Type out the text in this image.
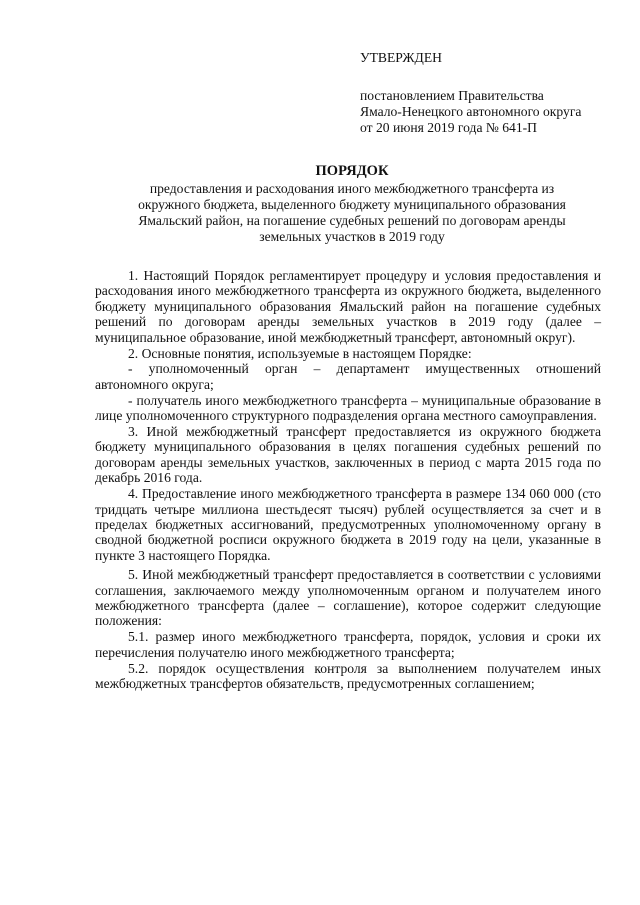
УТВЕРЖДЕН
постановлением Правительства
Ямало-Ненецкого автономного округа
от 20 июня 2019 года № 641-П
ПОРЯДОК
предоставления и расходования иного межбюджетного трансферта из
окружного бюджета, выделенного бюджету муниципального образования
Ямальский район, на погашение судебных решений по договорам аренды
земельных участков в 2019 году

1. Настоящий Порядок регламентирует процедуру и условия предоставления и расходования иного межбюджетного трансферта из окружного бюджета, выделенного бюджету муниципального образования Ямальский район на погашение судебных решений по договорам аренды земельных участков в 2019 году (далее –муниципальное образование, иной межбюджетный трансферт, автономный округ).

2. Основные понятия, используемые в настоящем Порядке:

- уполномоченный орган – департамент имущественных отношений автономного округа;

- получатель иного межбюджетного трансферта – муниципальные образование в лице уполномоченного структурного подразделения органа местного самоуправления.

3. Иной межбюджетный трансферт предоставляется из окружного бюджета бюджету муниципального образования в целях погашения судебных решений по договорам аренды земельных участков, заключенных в период с марта 2015 года по декабрь 2016 года.

4. Предоставление иного межбюджетного трансферта в размере 134 060 000 (сто тридцать четыре миллиона шестьдесят тысяч) рублей осуществляется за счет и в пределах бюджетных ассигнований, предусмотренных уполномоченному органу в сводной бюджетной росписи окружного бюджета в 2019 году на цели, указанные в пункте 3 настоящего Порядка.

5. Иной межбюджетный трансферт предоставляется в соответствии с условиями соглашения, заключаемого между уполномоченным органом и получателем иного межбюджетного трансферта (далее – соглашение), которое содержит следующие положения:

5.1. размер иного межбюджетного трансферта, порядок, условия и сроки их перечисления получателю иного межбюджетного трансферта;

5.2. порядок осуществления контроля за выполнением получателем иных межбюджетных трансфертов обязательств, предусмотренных соглашением;
